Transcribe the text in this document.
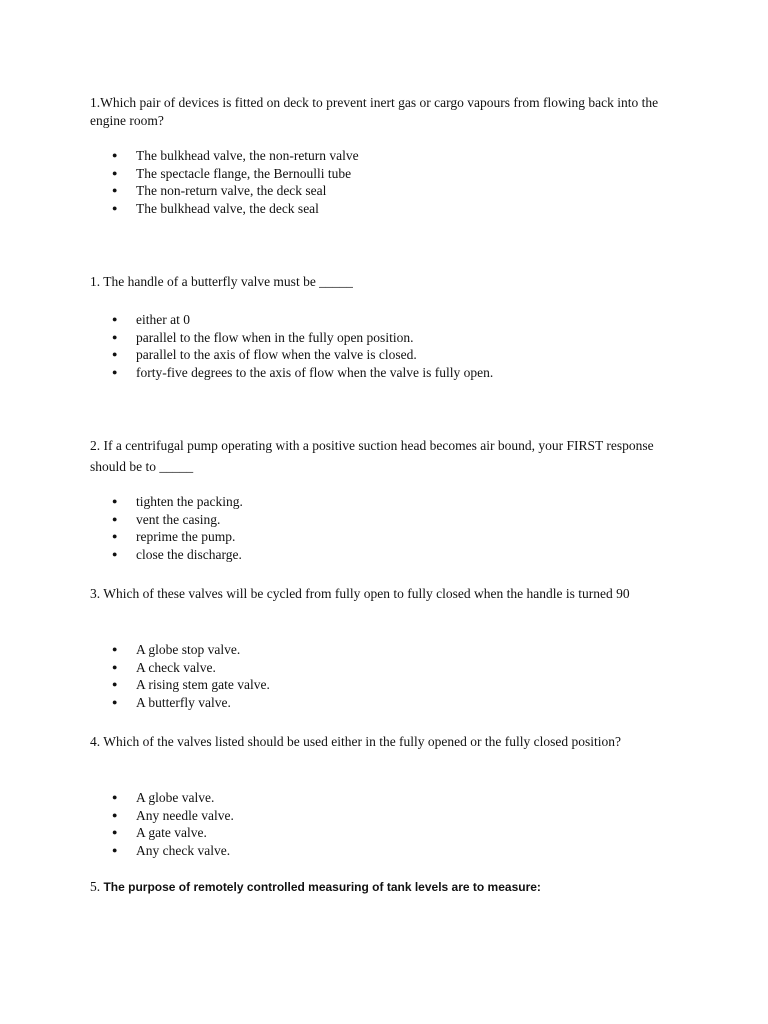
1.Which pair of devices is fitted on deck to prevent inert gas or cargo vapours from flowing back into the engine room?

● The bulkhead valve, the non-return valve
● The spectacle flange, the Bernoulli tube
● The non-return valve, the deck seal
● The bulkhead valve, the deck seal

1. The handle of a butterfly valve must be _____

● either at 0
● parallel to the flow when in the fully open position.
● parallel to the axis of flow when the valve is closed.
● forty-five degrees to the axis of flow when the valve is fully open.

2. If a centrifugal pump operating with a positive suction head becomes air bound, your FIRST response should be to _____

● tighten the packing.
● vent the casing.
● reprime the pump.
● close the discharge.

3. Which of these valves will be cycled from fully open to fully closed when the handle is turned 90

● A globe stop valve.
● A check valve.
● A rising stem gate valve.
● A butterfly valve.

4. Which of the valves listed should be used either in the fully opened or the fully closed position?

● A globe valve.
● Any needle valve.
● A gate valve.
● Any check valve.

5. The purpose of remotely controlled measuring of tank levels are to measure:
